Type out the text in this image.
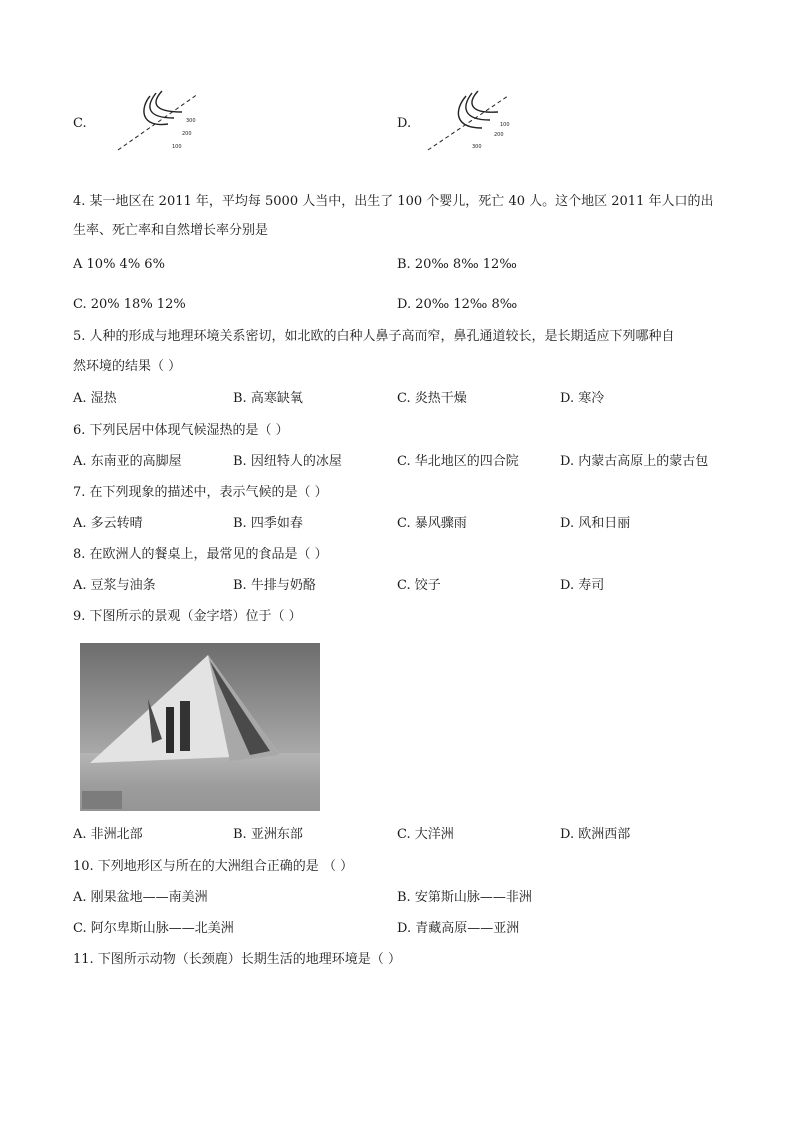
C.	300
200
100
D.	100
200
300
4. 某一地区在 2011 年，平均每 5000 人当中，出生了 100 个婴儿，死亡 40 人。这个地区 2011 年人口的出
生率、死亡率和自然增长率分别是
A 10% 4% 6%	B. 20‰ 8‰ 12‰
C. 20% 18% 12%	D. 20‰ 12‰ 8‰
5. 人种的形成与地理环境关系密切，如北欧的白种人鼻子高而窄，鼻孔通道较长，是长期适应下列哪种自
然环境的结果（ ）
A. 湿热	B. 高寒缺氧	C. 炎热干燥	D. 寒冷
6. 下列民居中体现气候湿热的是（ ）
A. 东南亚的高脚屋	B. 因纽特人的冰屋	C. 华北地区的四合院	D. 内蒙古高原上的蒙古包
7. 在下列现象的描述中，表示气候的是（ ）
A. 多云转晴	B. 四季如春	C. 暴风骤雨	D. 风和日丽
8. 在欧洲人的餐桌上，最常见的食品是（ ）
A. 豆浆与油条	B. 牛排与奶酪	C. 饺子	D. 寿司
9. 下图所示的景观（金字塔）位于（ ）
A. 非洲北部	B. 亚洲东部	C. 大洋洲	D. 欧洲西部
10. 下列地形区与所在的大洲组合正确的是 （ ）
A. 刚果盆地——南美洲	B. 安第斯山脉——非洲
C. 阿尔卑斯山脉——北美洲	D. 青藏高原——亚洲
11. 下图所示动物（长颈鹿）长期生活的地理环境是（ ）
